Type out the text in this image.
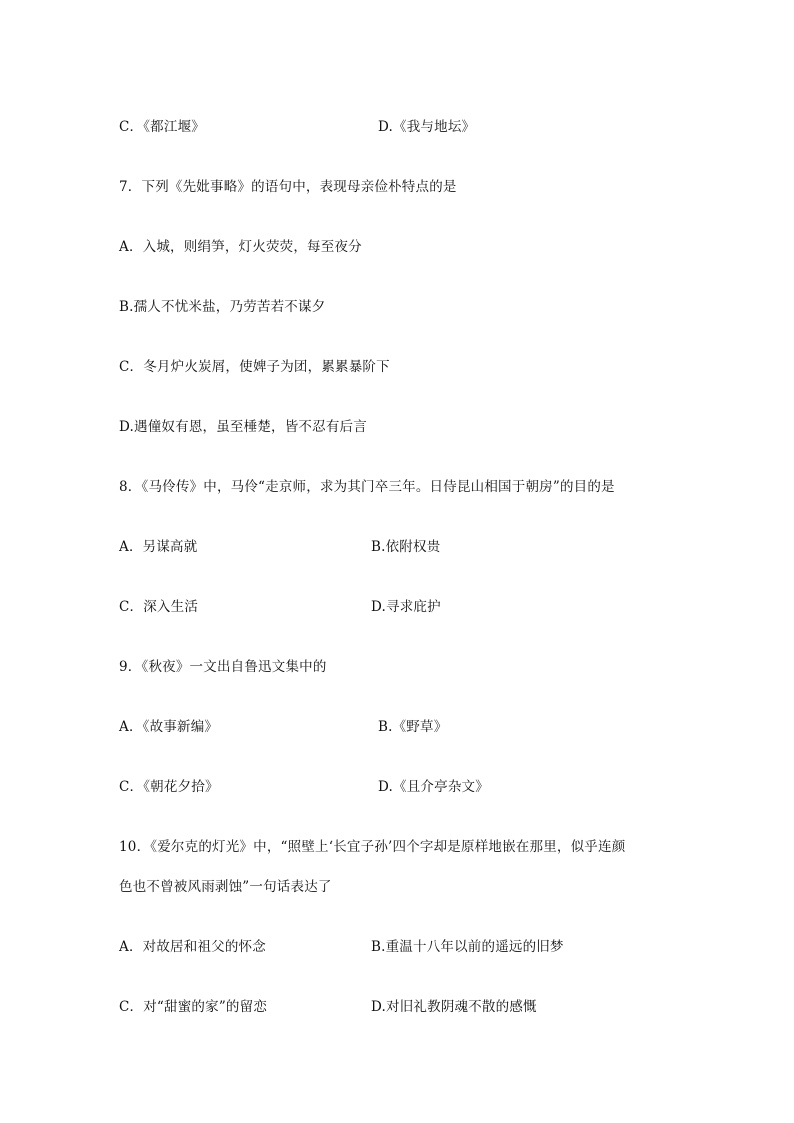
C．《都江堰》	D.《我与地坛》
7．下列《先妣事略》的语句中，表现母亲俭朴特点的是
A．入城，则绢笋，灯火荧荧，每至夜分
B.孺人不忧米盐，乃劳苦若不谋夕
C．冬月炉火炭屑，使婢子为团，累累暴阶下
D.遇僮奴有恩，虽至棰楚，皆不忍有后言
8．《马伶传》中，马伶“走京师，求为其门卒三年。日侍昆山相国于朝房”的目的是
A．另谋高就	B.依附权贵
C．深入生活	D.寻求庇护
9．《秋夜》一文出自鲁迅文集中的
A．《故事新编》	B.《野草》
C．《朝花夕拾》	D.《且介亭杂文》
10．《爱尔克的灯光》中，“照壁上‘长宜子孙’四个字却是原样地嵌在那里，似乎连颜
色也不曾被风雨剥蚀”一句话表达了
A．对故居和祖父的怀念	B.重温十八年以前的遥远的旧梦
C．对“甜蜜的家”的留恋	D.对旧礼教阴魂不散的感慨
